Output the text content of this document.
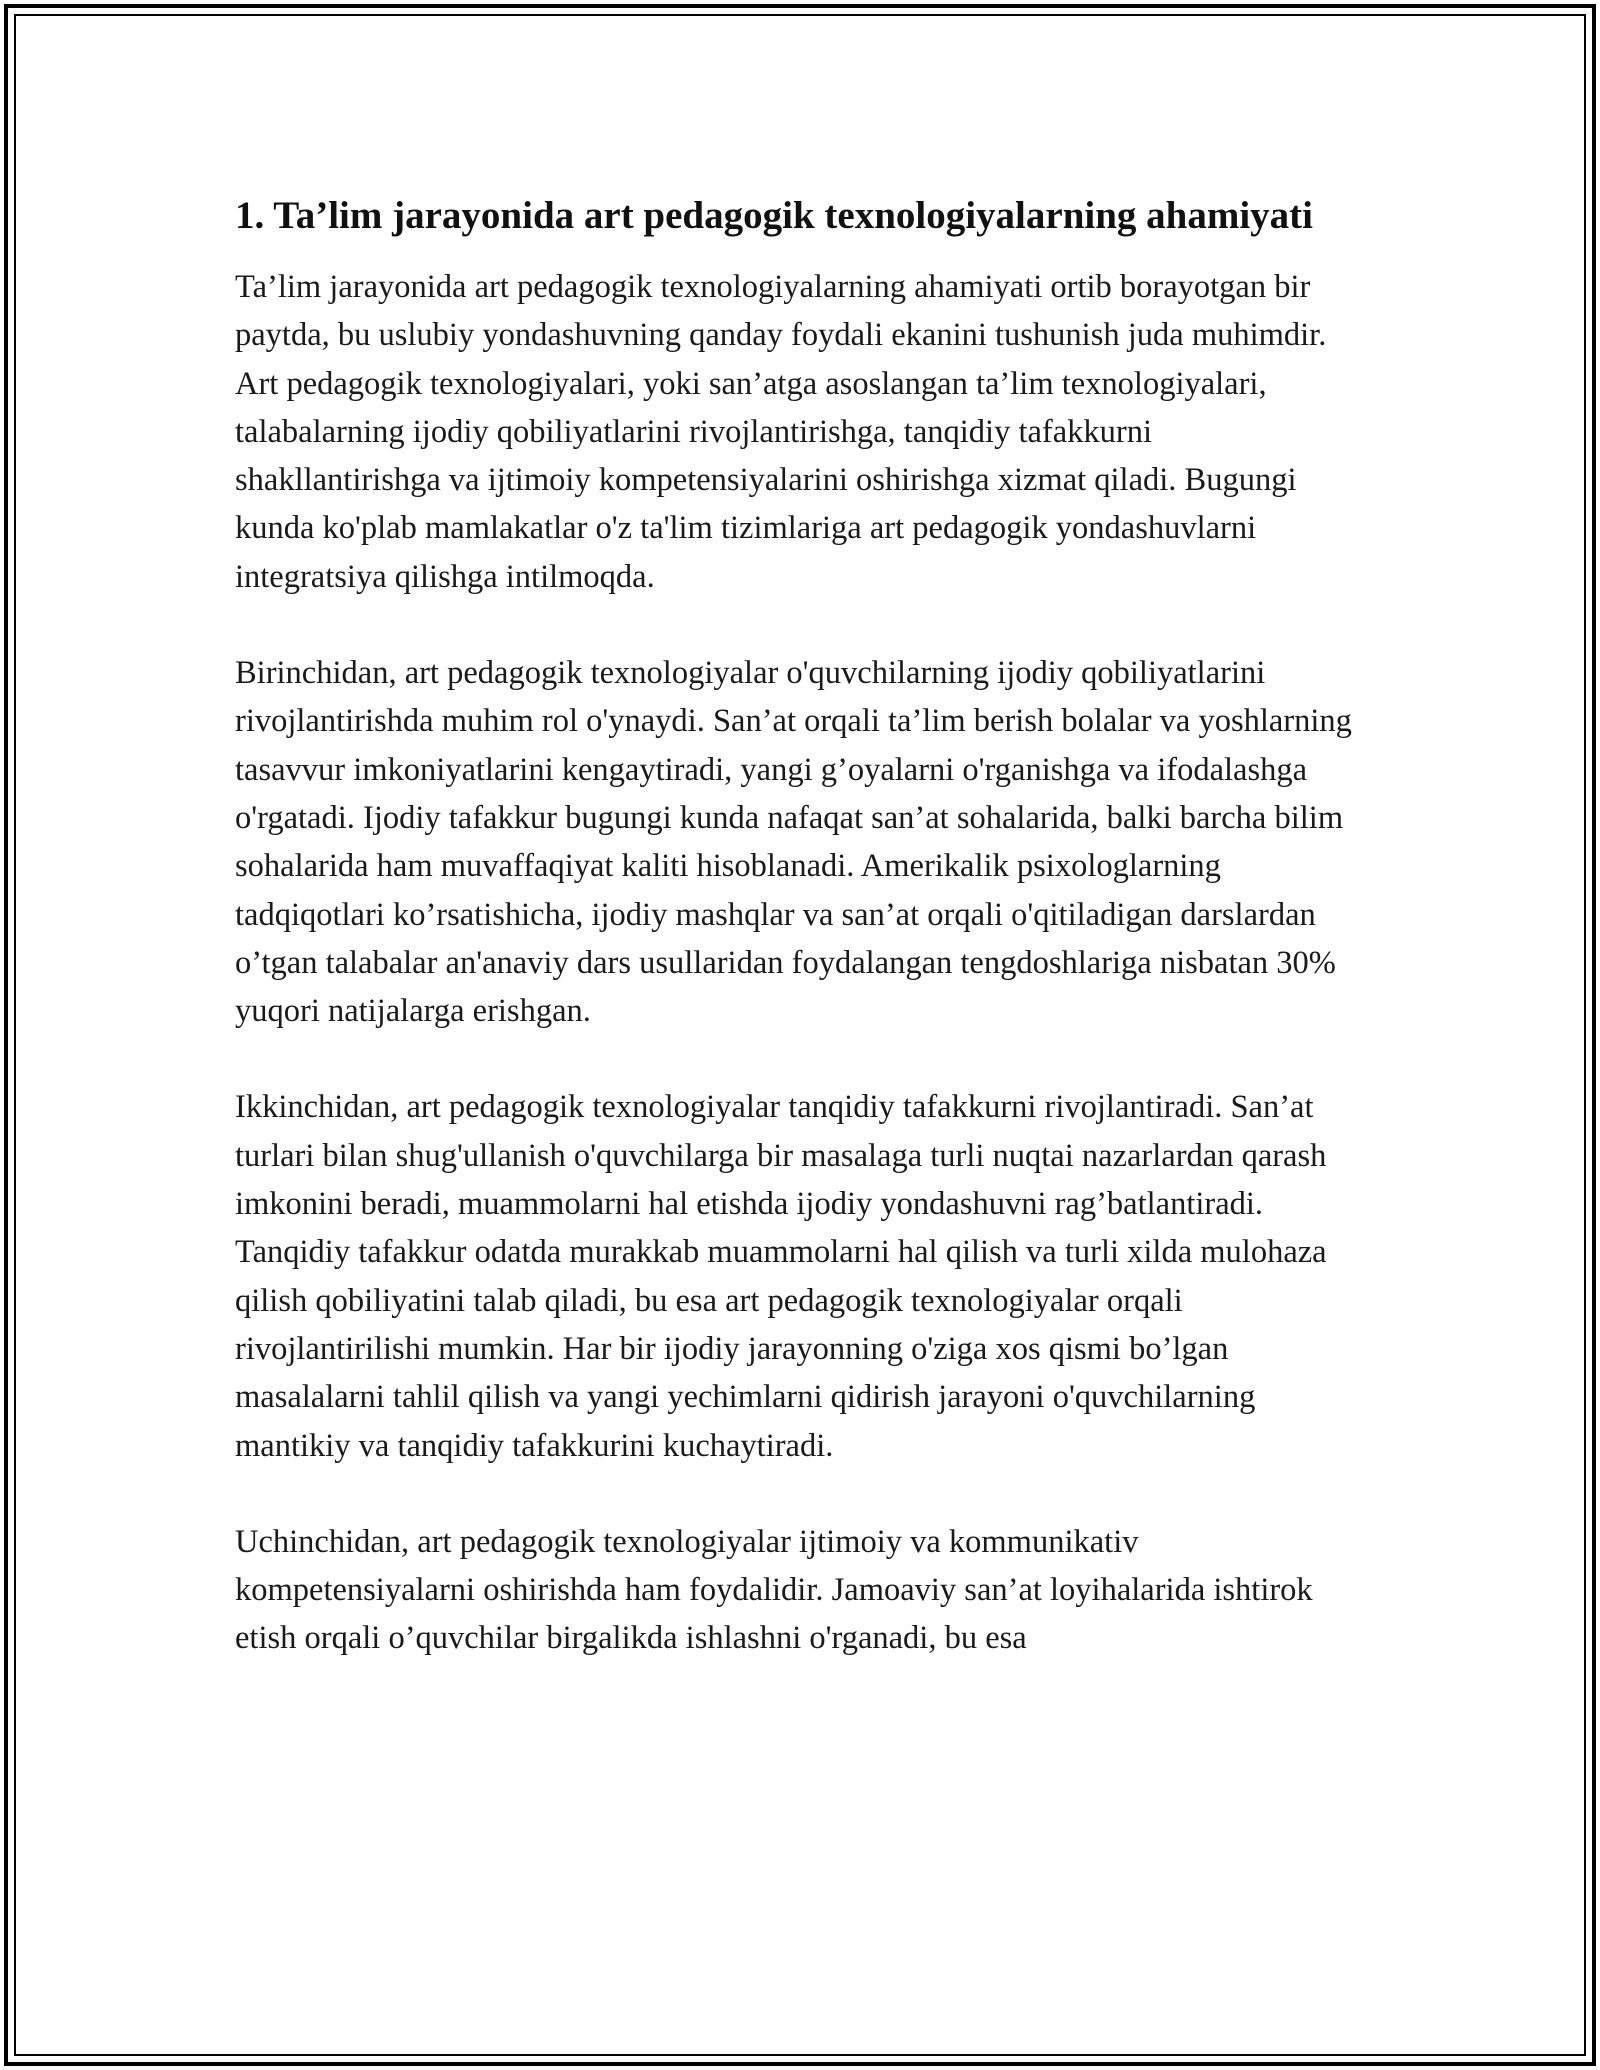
1. Ta’lim jarayonida art pedagogik texnologiyalarning ahamiyati

Ta’lim jarayonida art pedagogik texnologiyalarning ahamiyati ortib borayotgan bir paytda, bu uslubiy yondashuvning qanday foydali ekanini tushunish juda muhimdir. Art pedagogik texnologiyalari, yoki san’atga asoslangan ta’lim texnologiyalari, talabalarning ijodiy qobiliyatlarini rivojlantirishga, tanqidiy tafakkurni shakllantirishga va ijtimoiy kompetensiyalarini oshirishga xizmat qiladi. Bugungi kunda ko'plab mamlakatlar o'z ta'lim tizimlariga art pedagogik yondashuvlarni integratsiya qilishga intilmoqda.

Birinchidan, art pedagogik texnologiyalar o'quvchilarning ijodiy qobiliyatlarini rivojlantirishda muhim rol o'ynaydi. San’at orqali ta’lim berish bolalar va yoshlarning tasavvur imkoniyatlarini kengaytiradi, yangi g’oyalarni o'rganishga va ifodalashga o'rgatadi. Ijodiy tafakkur bugungi kunda nafaqat san’at sohalarida, balki barcha bilim sohalarida ham muvaffaqiyat kaliti hisoblanadi. Amerikalik psixologlarning tadqiqotlari ko’rsatishicha, ijodiy mashqlar va san’at orqali o'qitiladigan darslardan o’tgan talabalar an'anaviy dars usullaridan foydalangan tengdoshlariga nisbatan 30% yuqori natijalarga erishgan.

Ikkinchidan, art pedagogik texnologiyalar tanqidiy tafakkurni rivojlantiradi. San’at turlari bilan shug'ullanish o'quvchilarga bir masalaga turli nuqtai nazarlardan qarash imkonini beradi, muammolarni hal etishda ijodiy yondashuvni rag’batlantiradi. Tanqidiy tafakkur odatda murakkab muammolarni hal qilish va turli xilda mulohaza qilish qobiliyatini talab qiladi, bu esa art pedagogik texnologiyalar orqali rivojlantirilishi mumkin. Har bir ijodiy jarayonning o'ziga xos qismi bo’lgan masalalarni tahlil qilish va yangi yechimlarni qidirish jarayoni o'quvchilarning mantikiy va tanqidiy tafakkurini kuchaytiradi.

Uchinchidan, art pedagogik texnologiyalar ijtimoiy va kommunikativ kompetensiyalarni oshirishda ham foydalidir. Jamoaviy san’at loyihalarida ishtirok etish orqali o’quvchilar birgalikda ishlashni o'rganadi, bu esa
